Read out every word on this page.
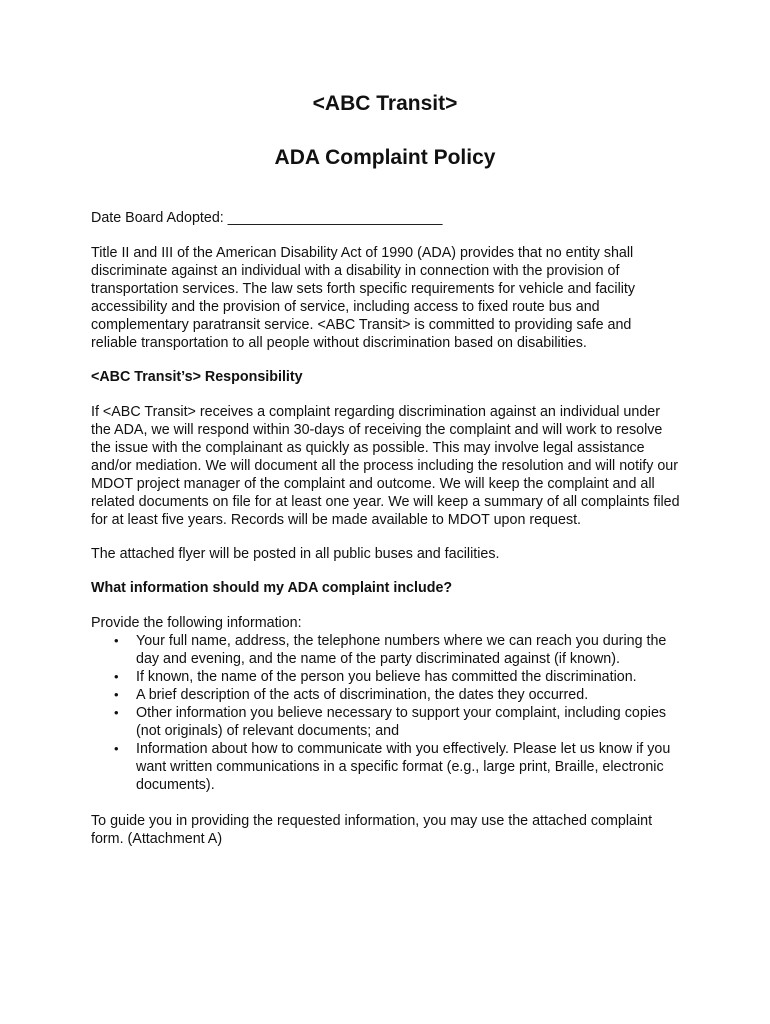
<ABC Transit>
ADA Complaint Policy

Date Board Adopted: ___________________________

Title II and III of the American Disability Act of 1990 (ADA) provides that no entity shall discriminate against an individual with a disability in connection with the provision of transportation services. The law sets forth specific requirements for vehicle and facility accessibility and the provision of service, including access to fixed route bus and complementary paratransit service. <ABC Transit> is committed to providing safe and reliable transportation to all people without discrimination based on disabilities.

<ABC Transit’s> Responsibility

If <ABC Transit> receives a complaint regarding discrimination against an individual under the ADA, we will respond within 30-days of receiving the complaint and will work to resolve the issue with the complainant as quickly as possible. This may involve legal assistance and/or mediation. We will document all the process including the resolution and will notify our MDOT project manager of the complaint and outcome. We will keep the complaint and all related documents on file for at least one year. We will keep a summary of all complaints filed for at least five years. Records will be made available to MDOT upon request.

The attached flyer will be posted in all public buses and facilities.

What information should my ADA complaint include?

Provide the following information:

• Your full name, address, the telephone numbers where we can reach you during the day and evening, and the name of the party discriminated against (if known).
• If known, the name of the person you believe has committed the discrimination.
• A brief description of the acts of discrimination, the dates they occurred.
• Other information you believe necessary to support your complaint, including copies (not originals) of relevant documents; and
• Information about how to communicate with you effectively. Please let us know if you want written communications in a specific format (e.g., large print, Braille, electronic documents).

To guide you in providing the requested information, you may use the attached complaint form. (Attachment A)
